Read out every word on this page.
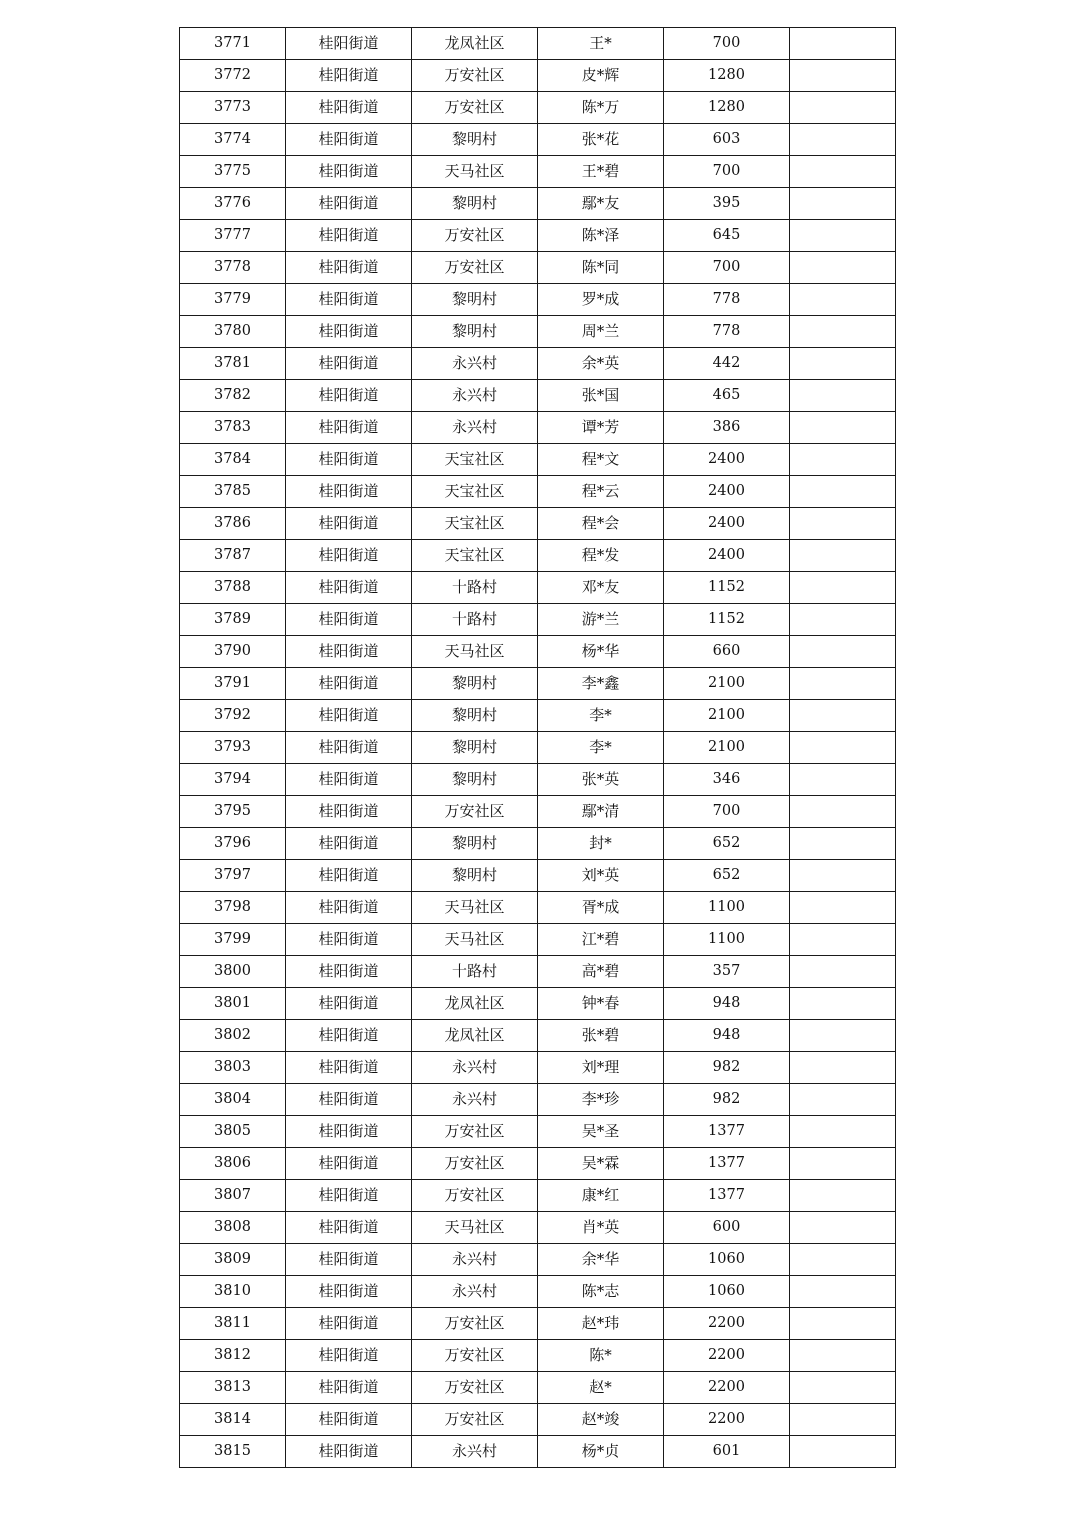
3771	桂阳街道	龙凤社区	王*	700	
3772	桂阳街道	万安社区	皮*辉	1280	
3773	桂阳街道	万安社区	陈*万	1280	
3774	桂阳街道	黎明村	张*花	603	
3775	桂阳街道	天马社区	王*碧	700	
3776	桂阳街道	黎明村	鄢*友	395	
3777	桂阳街道	万安社区	陈*泽	645	
3778	桂阳街道	万安社区	陈*同	700	
3779	桂阳街道	黎明村	罗*成	778	
3780	桂阳街道	黎明村	周*兰	778	
3781	桂阳街道	永兴村	余*英	442	
3782	桂阳街道	永兴村	张*国	465	
3783	桂阳街道	永兴村	谭*芳	386	
3784	桂阳街道	天宝社区	程*文	2400	
3785	桂阳街道	天宝社区	程*云	2400	
3786	桂阳街道	天宝社区	程*会	2400	
3787	桂阳街道	天宝社区	程*发	2400	
3788	桂阳街道	十路村	邓*友	1152	
3789	桂阳街道	十路村	游*兰	1152	
3790	桂阳街道	天马社区	杨*华	660	
3791	桂阳街道	黎明村	李*鑫	2100	
3792	桂阳街道	黎明村	李*	2100	
3793	桂阳街道	黎明村	李*	2100	
3794	桂阳街道	黎明村	张*英	346	
3795	桂阳街道	万安社区	鄢*清	700	
3796	桂阳街道	黎明村	封*	652	
3797	桂阳街道	黎明村	刘*英	652	
3798	桂阳街道	天马社区	胥*成	1100	
3799	桂阳街道	天马社区	江*碧	1100	
3800	桂阳街道	十路村	高*碧	357	
3801	桂阳街道	龙凤社区	钟*春	948	
3802	桂阳街道	龙凤社区	张*碧	948	
3803	桂阳街道	永兴村	刘*理	982	
3804	桂阳街道	永兴村	李*珍	982	
3805	桂阳街道	万安社区	吴*圣	1377	
3806	桂阳街道	万安社区	吴*霖	1377	
3807	桂阳街道	万安社区	康*红	1377	
3808	桂阳街道	天马社区	肖*英	600	
3809	桂阳街道	永兴村	余*华	1060	
3810	桂阳街道	永兴村	陈*志	1060	
3811	桂阳街道	万安社区	赵*玮	2200	
3812	桂阳街道	万安社区	陈*	2200	
3813	桂阳街道	万安社区	赵*	2200	
3814	桂阳街道	万安社区	赵*竣	2200	
3815	桂阳街道	永兴村	杨*贞	601	
